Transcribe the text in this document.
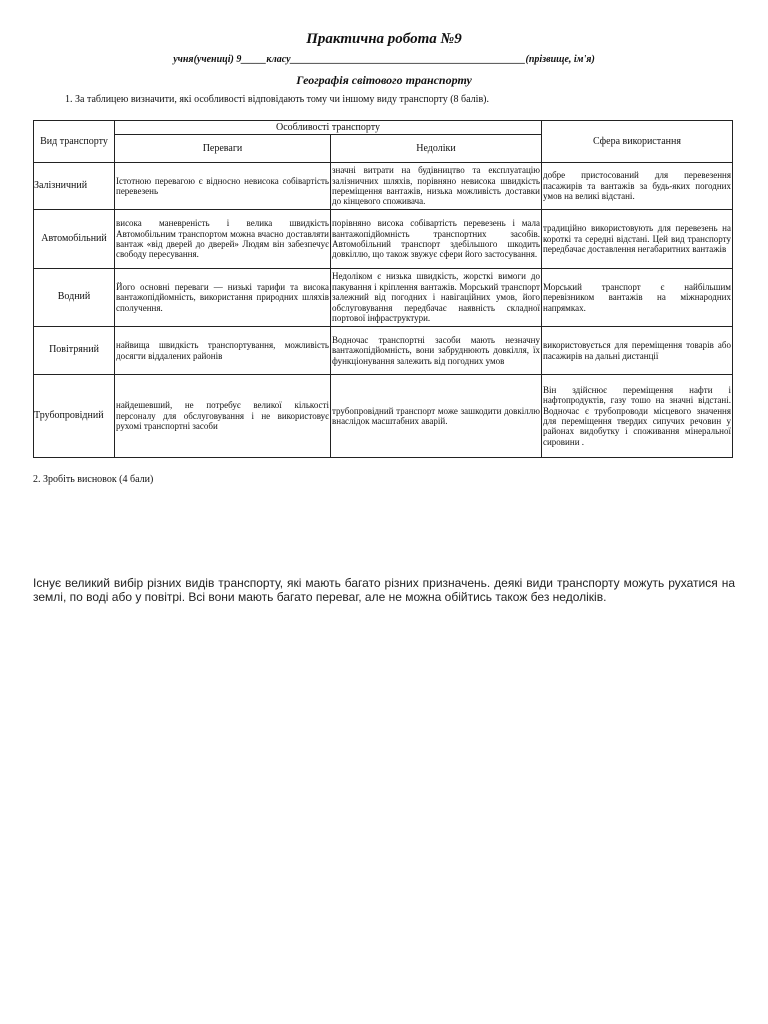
Практична робота №9
учня(учениці) 9_____класу_______________________________________________(прізвище, ім'я)
Географія світового транспорту
1. За таблицею визначити, які особливості відповідають тому чи іншому виду транспорту (8 балів).
Вид транспорту	Особливості транспорту		Сфера використання
	Переваги	Недоліки	
Залізничний	Істотною перевагою є відносно невисока собівартість перевезень	значні витрати на будівництво та експлуатацію залізничних шляхів, порівняно невисока швидкість переміщення вантажів, низька можливість доставки до кінцевого споживача.	добре пристосований для перевезення пасажирів та вантажів за будь-яких погодних умов на великі відстані.
Автомобільний	висока маневреність і велика швидкість Автомобільним транспортом можна вчасно доставляти вантаж «від дверей до дверей» Людям він забезпечує свободу пересування.	порівняно висока собівартість перевезень і мала вантажопідйомність транспортних засобів. Автомобільний транспорт здебільшого шкодить довкіллю, що також звужує сфери його застосування.	традиційно використовують для перевезень на короткі та середні відстані. Цей вид транспорту передбачає доставлення негабаритних вантажів
Водний	Його основні переваги — низькі тарифи та висока вантажопідйомність, використання природних шляхів сполучення.	Недоліком є низька швидкість, жорсткі вимоги до пакування і кріплення вантажів. Морський транспорт залежний від погодних і навігаційних умов, його обслуговування передбачає наявність складної портової інфраструктури.	Морський транспорт є найбільшим перевізником вантажів на міжнародних напрямках.
Повітряний	найвища швидкість транспортування, можливість досягти віддалених районів	Водночас транспортні засоби мають незначну вантажопідйомність, вони забруднюють довкілля, їх функціонування залежить від погодних умов	використовується для переміщення товарів або пасажирів на дальні дистанції
Трубопровідний	найдешевший, не потребує великої кількості персоналу для обслуговування і не використовує рухомі транспортні засоби	трубопровідний транспорт може зашкодити довкіллю внаслідок масштабних аварій.	Він здійснює переміщення нафти і нафтопродуктів, газу тошо на значні відстані. Водночас є трубопроводи місцевого значення для переміщення твердих сипучих речовин у районах видобутку і споживання мінеральної сировини .
2. Зробіть висновок (4 бали)
Існує великий вибір різних видів транспорту, які мають багато різних призначень. деякі види транспорту можуть рухатися на землі, по воді або у повітрі. Всі вони мають багато переваг, але не можна обійтись також без недоліків.
